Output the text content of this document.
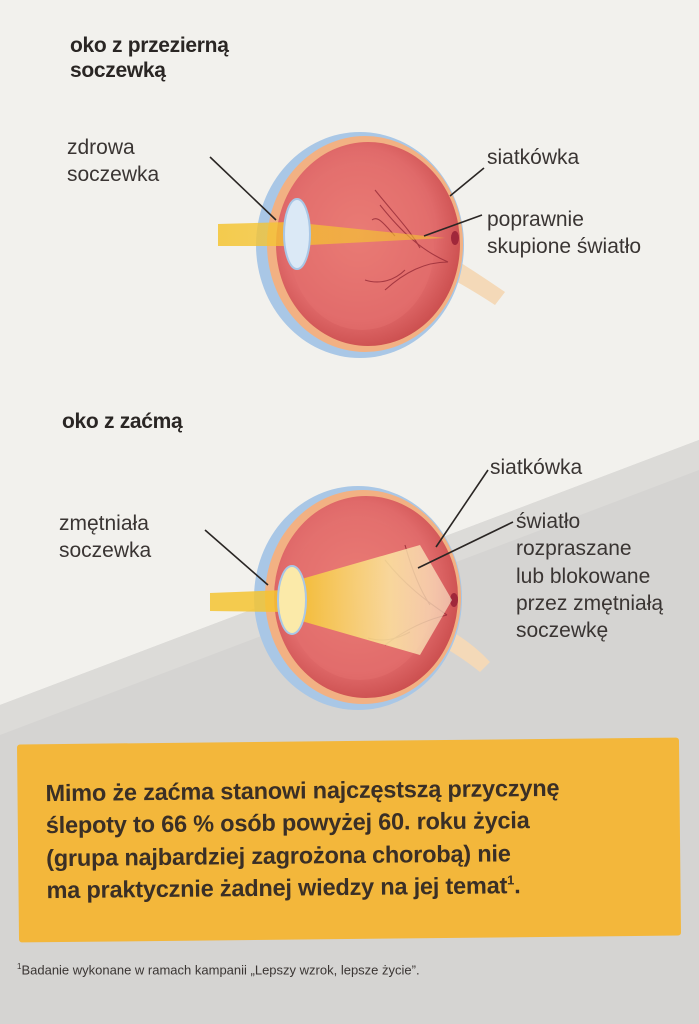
oko z przezierną
soczewką
zdrowa
soczewka
siatkówka
poprawnie
skupione światło
oko z zaćmą
zmętniała
soczewka
siatkówka
światło
rozpraszane
lub blokowane
przez zmętniałą
soczewkę

Mimo że zaćma stanowi najczęstszą przyczynę
ślepoty to 66 % osób powyżej 60. roku życia
(grupa najbardziej zagrożona chorobą) nie
ma praktycznie żadnej wiedzy na jej temat$^1$.

$^1$Badanie wykonane w ramach kampanii „Lepszy wzrok, lepsze życie”.
